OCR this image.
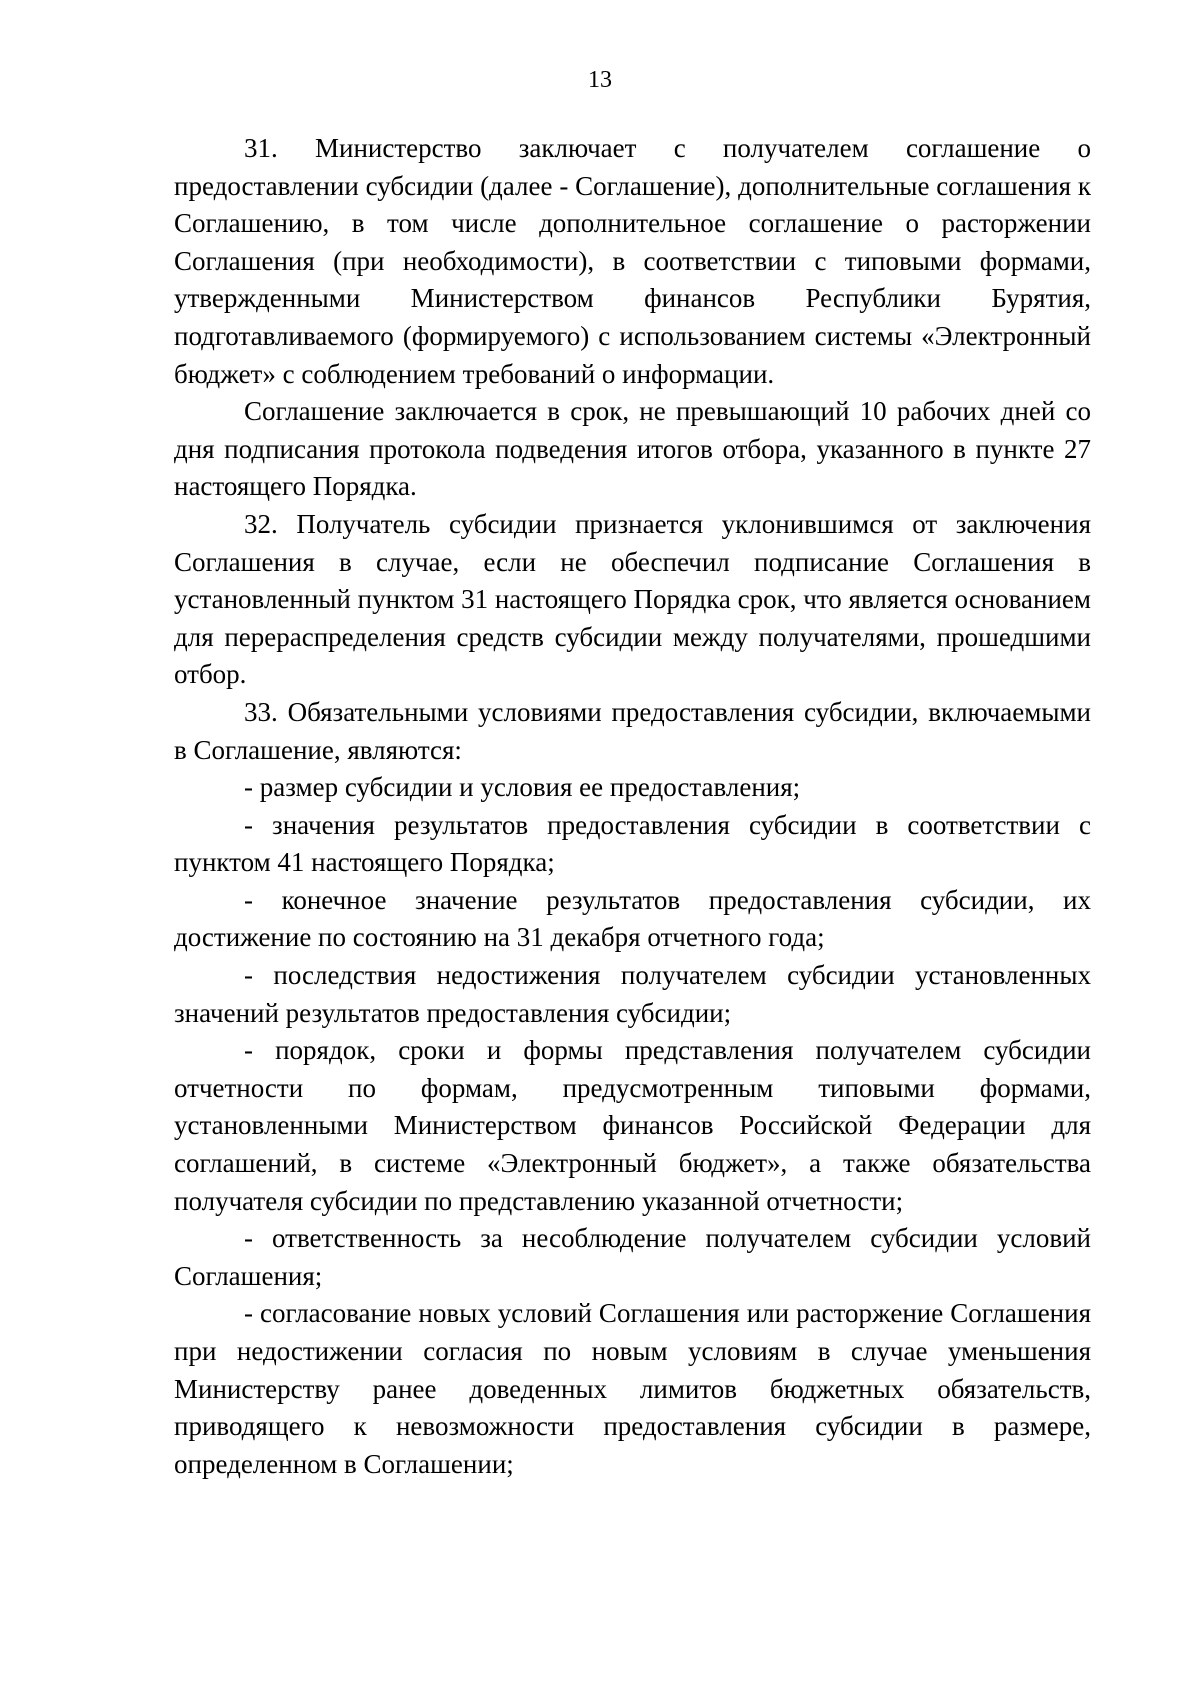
13

31. Министерство заключает с получателем соглашение о предоставлении субсидии (далее - Соглашение), дополнительные соглашения к Соглашению, в том числе дополнительное соглашение о расторжении Соглашения (при необходимости), в соответствии с типовыми формами, утвержденными Министерством финансов Республики Бурятия, подготавливаемого (формируемого) с использованием системы «Электронный бюджет» с соблюдением требований о информации.

Соглашение заключается в срок, не превышающий 10 рабочих дней со дня подписания протокола подведения итогов отбора, указанного в пункте 27 настоящего Порядка.

32. Получатель субсидии признается уклонившимся от заключения Соглашения в случае, если не обеспечил подписание Соглашения в установленный пунктом 31 настоящего Порядка срок, что является основанием для перераспределения средств субсидии между получателями, прошедшими отбор.

33. Обязательными условиями предоставления субсидии, включаемыми в Соглашение, являются:

- размер субсидии и условия ее предоставления;

- значения результатов предоставления субсидии в соответствии с пунктом 41 настоящего Порядка;

- конечное значение результатов предоставления субсидии, их достижение по состоянию на 31 декабря отчетного года;

- последствия недостижения получателем субсидии установленных значений результатов предоставления субсидии;

- порядок, сроки и формы представления получателем субсидии отчетности по формам, предусмотренным типовыми формами, установленными Министерством финансов Российской Федерации для соглашений, в системе «Электронный бюджет», а также обязательства получателя субсидии по представлению указанной отчетности;

- ответственность за несоблюдение получателем субсидии условий Соглашения;

- согласование новых условий Соглашения или расторжение Соглашения при недостижении согласия по новым условиям в случае уменьшения Министерству ранее доведенных лимитов бюджетных обязательств, приводящего к невозможности предоставления субсидии в размере, определенном в Соглашении;
